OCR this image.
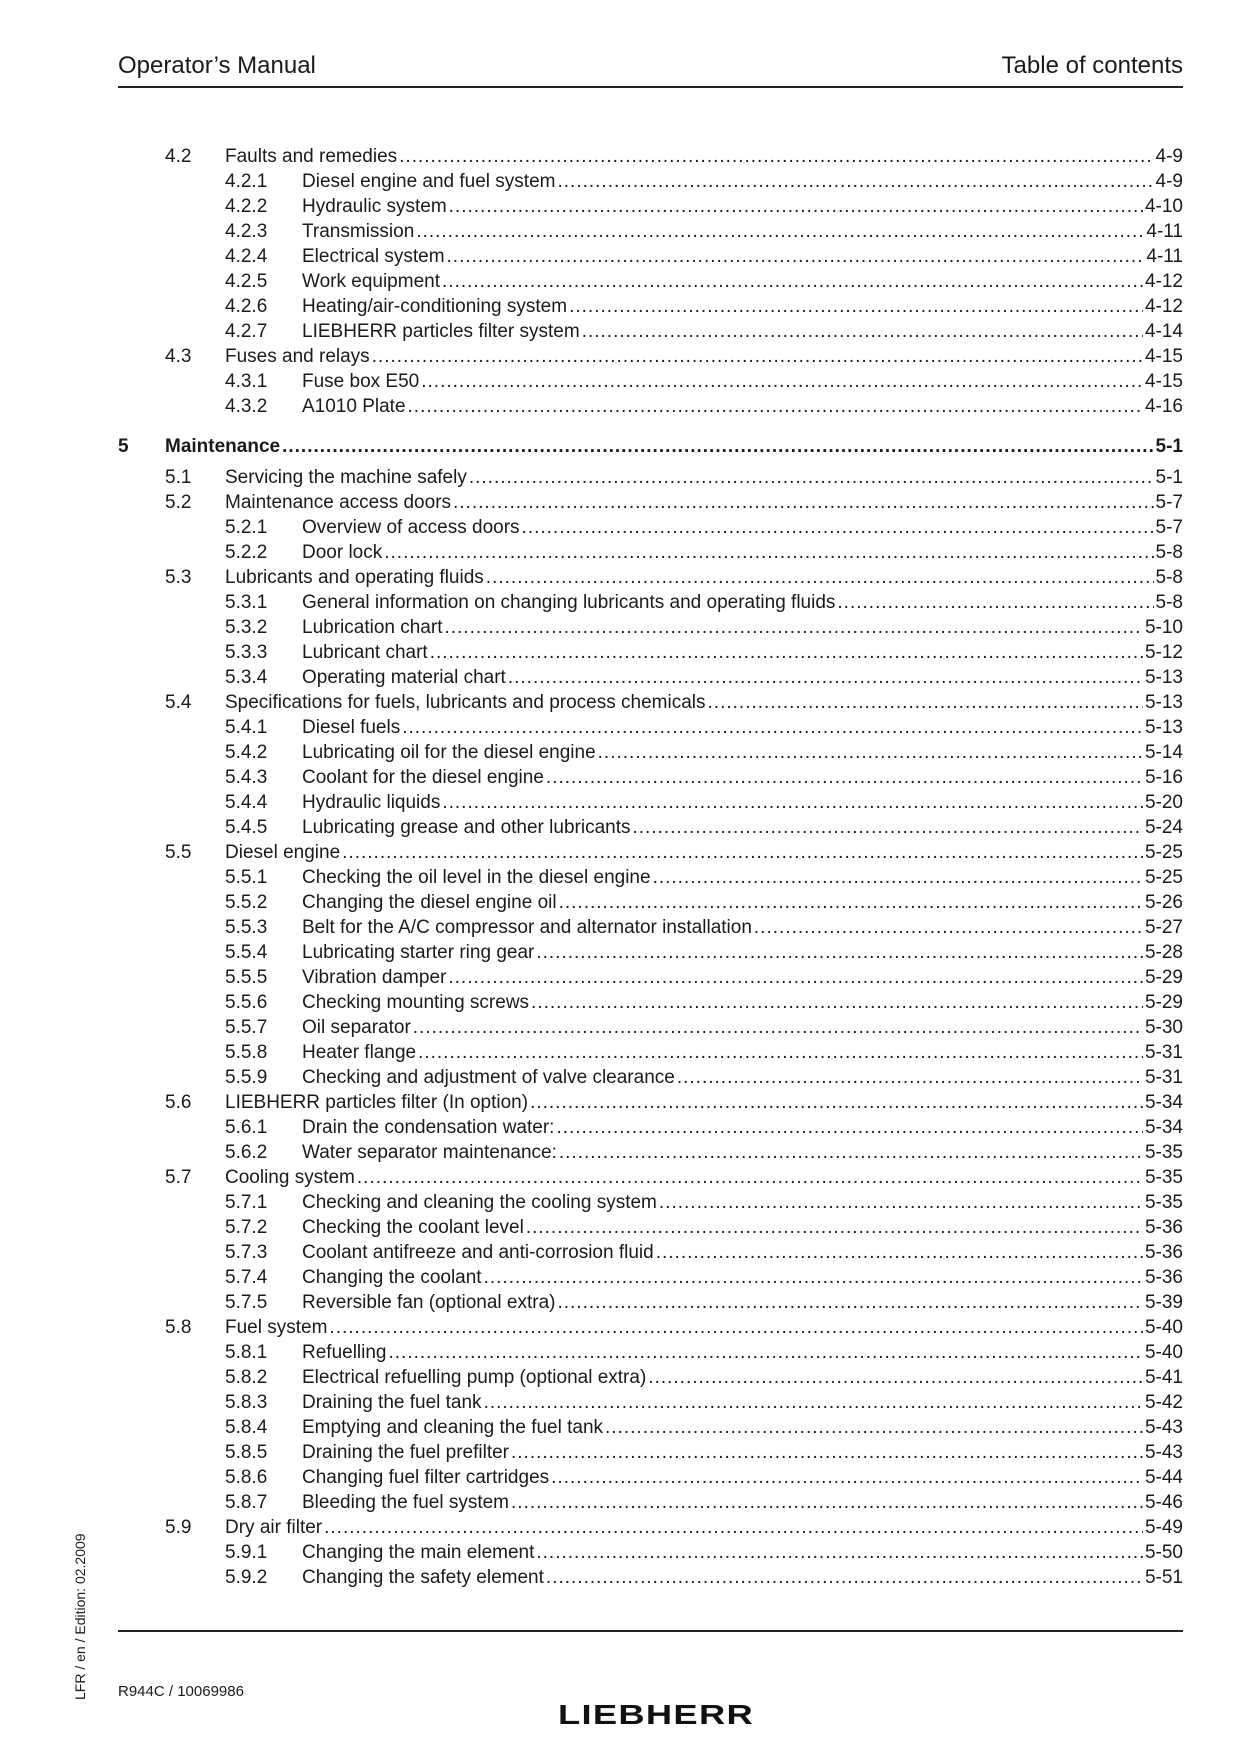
Operator’s Manual	Table of contents
4.2 Faults and remedies .....	4-9
4.2.1 Diesel engine and fuel system .....	4-9
4.2.2 Hydraulic system .....	4-10
4.2.3 Transmission .....	4-11
4.2.4 Electrical system .....	4-11
4.2.5 Work equipment .....	4-12
4.2.6 Heating/air-conditioning system .....	4-12
4.2.7 LIEBHERR particles filter system .....	4-14
4.3 Fuses and relays .....	4-15
4.3.1 Fuse box E50 .....	4-15
4.3.2 A1010 Plate .....	4-16
5 Maintenance .....	5-1
5.1 Servicing the machine safely .....	5-1
5.2 Maintenance access doors .....	5-7
5.2.1 Overview of access doors .....	5-7
5.2.2 Door lock .....	5-8
5.3 Lubricants and operating fluids .....	5-8
5.3.1 General information on changing lubricants and operating fluids .....	5-8
5.3.2 Lubrication chart .....	5-10
5.3.3 Lubricant chart .....	5-12
5.3.4 Operating material chart .....	5-13
5.4 Specifications for fuels, lubricants and process chemicals .....	5-13
5.4.1 Diesel fuels .....	5-13
5.4.2 Lubricating oil for the diesel engine .....	5-14
5.4.3 Coolant for the diesel engine .....	5-16
5.4.4 Hydraulic liquids .....	5-20
5.4.5 Lubricating grease and other lubricants .....	5-24
5.5 Diesel engine .....	5-25
5.5.1 Checking the oil level in the diesel engine .....	5-25
5.5.2 Changing the diesel engine oil .....	5-26
5.5.3 Belt for the A/C compressor and alternator installation .....	5-27
5.5.4 Lubricating starter ring gear .....	5-28
5.5.5 Vibration damper .....	5-29
5.5.6 Checking mounting screws .....	5-29
5.5.7 Oil separator .....	5-30
5.5.8 Heater flange .....	5-31
5.5.9 Checking and adjustment of valve clearance .....	5-31
5.6 LIEBHERR particles filter (In option) .....	5-34
5.6.1 Drain the condensation water: .....	5-34
5.6.2 Water separator maintenance: .....	5-35
5.7 Cooling system .....	5-35
5.7.1 Checking and cleaning the cooling system .....	5-35
5.7.2 Checking the coolant level .....	5-36
5.7.3 Coolant antifreeze and anti-corrosion fluid .....	5-36
5.7.4 Changing the coolant .....	5-36
5.7.5 Reversible fan (optional extra) .....	5-39
5.8 Fuel system .....	5-40
5.8.1 Refuelling .....	5-40
5.8.2 Electrical refuelling pump (optional extra) .....	5-41
5.8.3 Draining the fuel tank .....	5-42
5.8.4 Emptying and cleaning the fuel tank .....	5-43
5.8.5 Draining the fuel prefilter .....	5-43
5.8.6 Changing fuel filter cartridges .....	5-44
5.8.7 Bleeding the fuel system .....	5-46
5.9 Dry air filter .....	5-49
5.9.1 Changing the main element .....	5-50
5.9.2 Changing the safety element .....	5-51
LFR / en / Edition: 02.2009 R944C / 10069986
LIEBHERR
